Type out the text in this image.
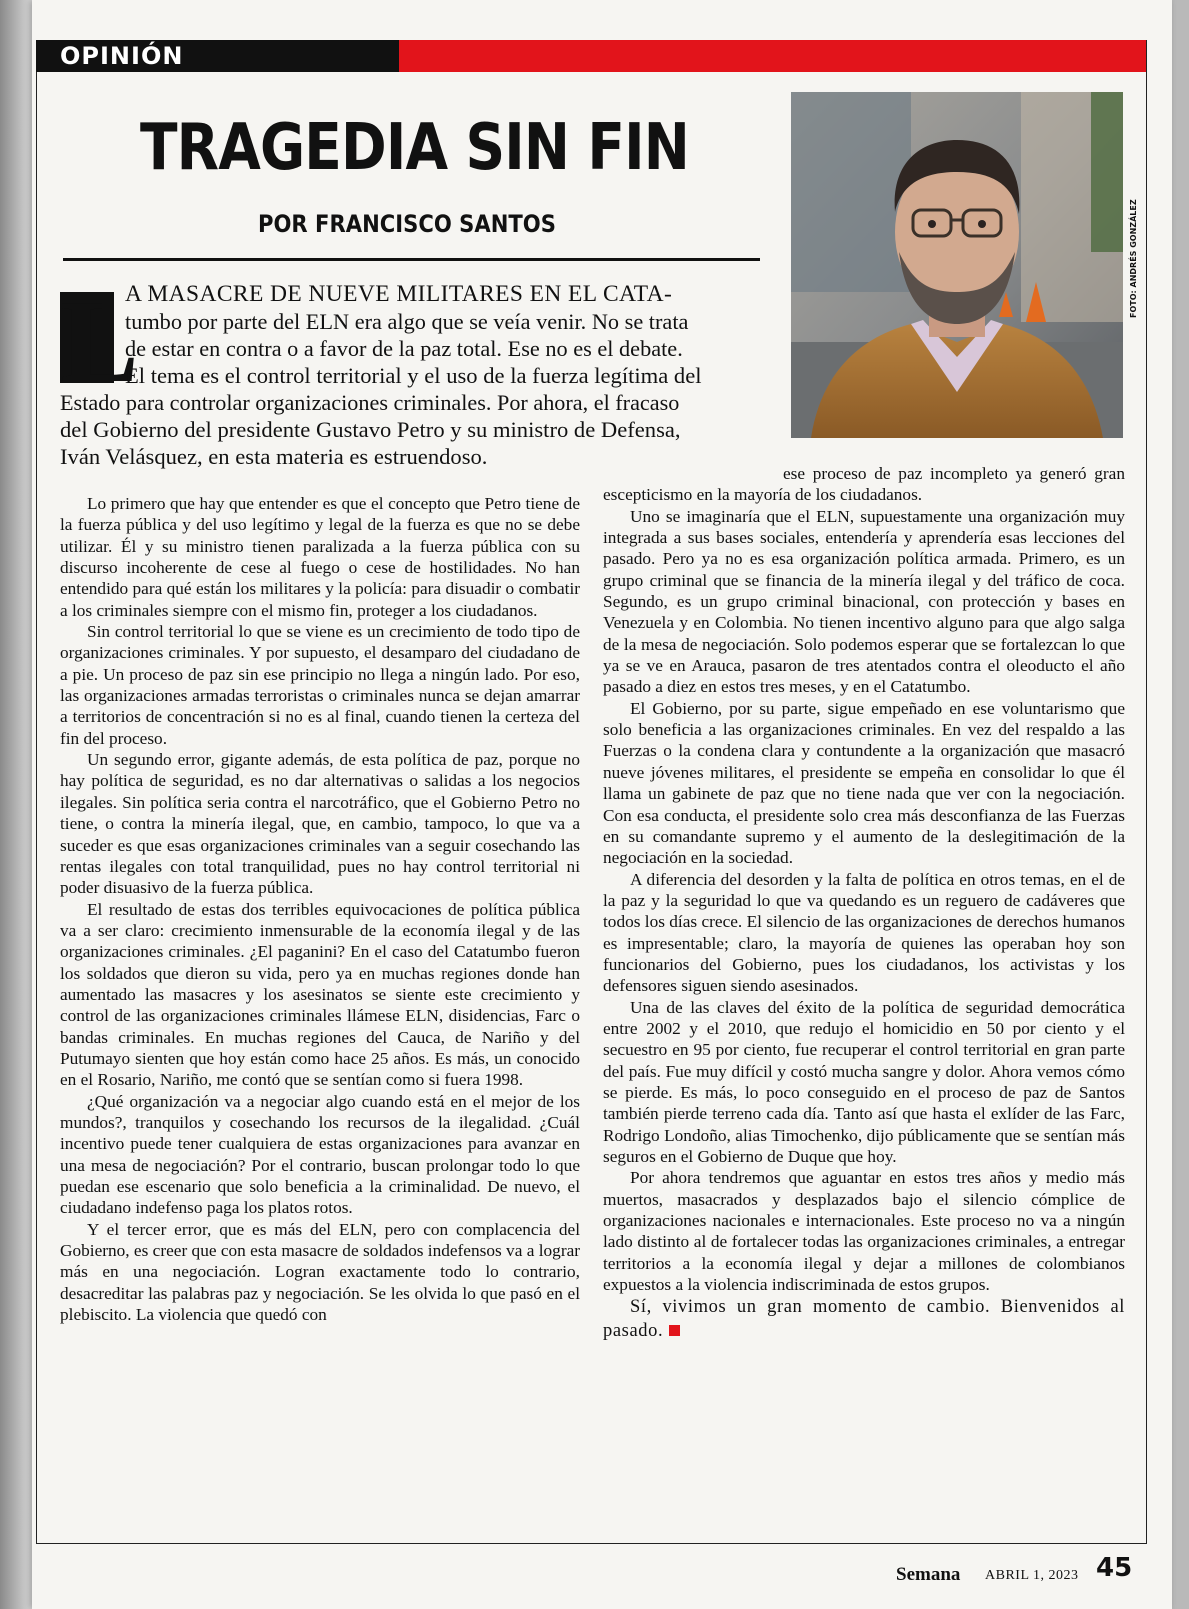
OPINIÓN
TRAGEDIA SIN FIN
POR FRANCISCO SANTOS	FOTO: ANDRÉS GONZÁLEZ
L
A MASACRE DE NUEVE MILITARES EN EL CATA-
tumbo por parte del ELN era algo que se veía venir. No se trata
de estar en contra o a favor de la paz total. Ese no es el debate.
El tema es el control territorial y el uso de la fuerza legítima del
Estado para controlar organizaciones criminales. Por ahora, el fracaso
del Gobierno del presidente Gustavo Petro y su ministro de Defensa,
Iván Velásquez, en esta materia es estruendoso.

Lo primero que hay que entender es que el concepto que Petro tiene de la fuerza pública y del uso legítimo y legal de la fuerza es que no se debe utilizar. Él y su ministro tienen paralizada a la fuerza pública con su discurso incoherente de cese al fuego o cese de hostilidades. No han entendido para qué están los militares y la policía: para disuadir o combatir a los criminales siempre con el mismo fin, proteger a los ciudadanos.

Sin control territorial lo que se viene es un crecimiento de todo tipo de organizaciones criminales. Y por supuesto, el desamparo del ciudadano de a pie. Un proceso de paz sin ese principio no llega a ningún lado. Por eso, las organizaciones armadas terroristas o criminales nunca se dejan amarrar a territorios de concentración si no es al final, cuando tienen la certeza del fin del proceso.

Un segundo error, gigante además, de esta política de paz, porque no hay política de seguridad, es no dar alternativas o salidas a los negocios ilegales. Sin política seria contra el narcotráfico, que el Gobierno Petro no tiene, o contra la minería ilegal, que, en cambio, tampoco, lo que va a suceder es que esas organizaciones criminales van a seguir cosechando las rentas ilegales con total tranquilidad, pues no hay control territorial ni poder disuasivo de la fuerza pública.

El resultado de estas dos terribles equivocaciones de política pública va a ser claro: crecimiento inmensurable de la economía ilegal y de las organizaciones criminales. ¿El paganini? En el caso del Catatumbo fueron los soldados que dieron su vida, pero ya en muchas regiones donde han aumentado las masacres y los asesinatos se siente este crecimiento y control de las organizaciones criminales llámese ELN, disidencias, Farc o bandas criminales. En muchas regiones del Cauca, de Nariño y del Putumayo sienten que hoy están como hace 25 años. Es más, un conocido en el Rosario, Nariño, me contó que se sentían como si fuera 1998.

¿Qué organización va a negociar algo cuando está en el mejor de los mundos?, tranquilos y cosechando los recursos de la ilegalidad. ¿Cuál incentivo puede tener cualquiera de estas organizaciones para avanzar en una mesa de negociación? Por el contrario, buscan prolongar todo lo que puedan ese escenario que solo beneficia a la criminalidad. De nuevo, el ciudadano indefenso paga los platos rotos.

Y el tercer error, que es más del ELN, pero con complacencia del Gobierno, es creer que con esta masacre de soldados indefensos va a lograr más en una negociación. Logran exactamente todo lo contrario, desacreditar las palabras paz y negociación. Se les olvida lo que pasó en el plebiscito. La violencia que quedó con

ese proceso de paz incompleto ya generó gran escepticismo en la mayoría de los ciudadanos.

Uno se imaginaría que el ELN, supuestamente una organización muy integrada a sus bases sociales, entendería y aprendería esas lecciones del pasado. Pero ya no es esa organización política armada. Primero, es un grupo criminal que se financia de la minería ilegal y del tráfico de coca. Segundo, es un grupo criminal binacional, con protección y bases en Venezuela y en Colombia. No tienen incentivo alguno para que algo salga de la mesa de negociación. Solo podemos esperar que se fortalezcan lo que ya se ve en Arauca, pasaron de tres atentados contra el oleoducto el año pasado a diez en estos tres meses, y en el Catatumbo.

El Gobierno, por su parte, sigue empeñado en ese voluntarismo que solo beneficia a las organizaciones criminales. En vez del respaldo a las Fuerzas o la condena clara y contundente a la organización que masacró nueve jóvenes militares, el presidente se empeña en consolidar lo que él llama un gabinete de paz que no tiene nada que ver con la negociación. Con esa conducta, el presidente solo crea más desconfianza de las Fuerzas en su comandante supremo y el aumento de la deslegitimación de la negociación en la sociedad.

A diferencia del desorden y la falta de política en otros temas, en el de la paz y la seguridad lo que va quedando es un reguero de cadáveres que todos los días crece. El silencio de las organizaciones de derechos humanos es impresentable; claro, la mayoría de quienes las operaban hoy son funcionarios del Gobierno, pues los ciudadanos, los activistas y los defensores siguen siendo asesinados.

Una de las claves del éxito de la política de seguridad democrática entre 2002 y el 2010, que redujo el homicidio en 50 por ciento y el secuestro en 95 por ciento, fue recuperar el control territorial en gran parte del país. Fue muy difícil y costó mucha sangre y dolor. Ahora vemos cómo se pierde. Es más, lo poco conseguido en el proceso de paz de Santos también pierde terreno cada día. Tanto así que hasta el exlíder de las Farc, Rodrigo Londoño, alias Timochenko, dijo públicamente que se sentían más seguros en el Gobierno de Duque que hoy.

Por ahora tendremos que aguantar en estos tres años y medio más muertos, masacrados y desplazados bajo el silencio cómplice de organizaciones nacionales e internacionales. Este proceso no va a ningún lado distinto al de fortalecer todas las organizaciones criminales, a entregar territorios a la economía ilegal y dejar a millones de colombianos expuestos a la violencia indiscriminada de estos grupos.

Sí, vivimos un gran momento de cambio. Bienvenidos al pasado.

Semana ABRIL 1, 2023 45
